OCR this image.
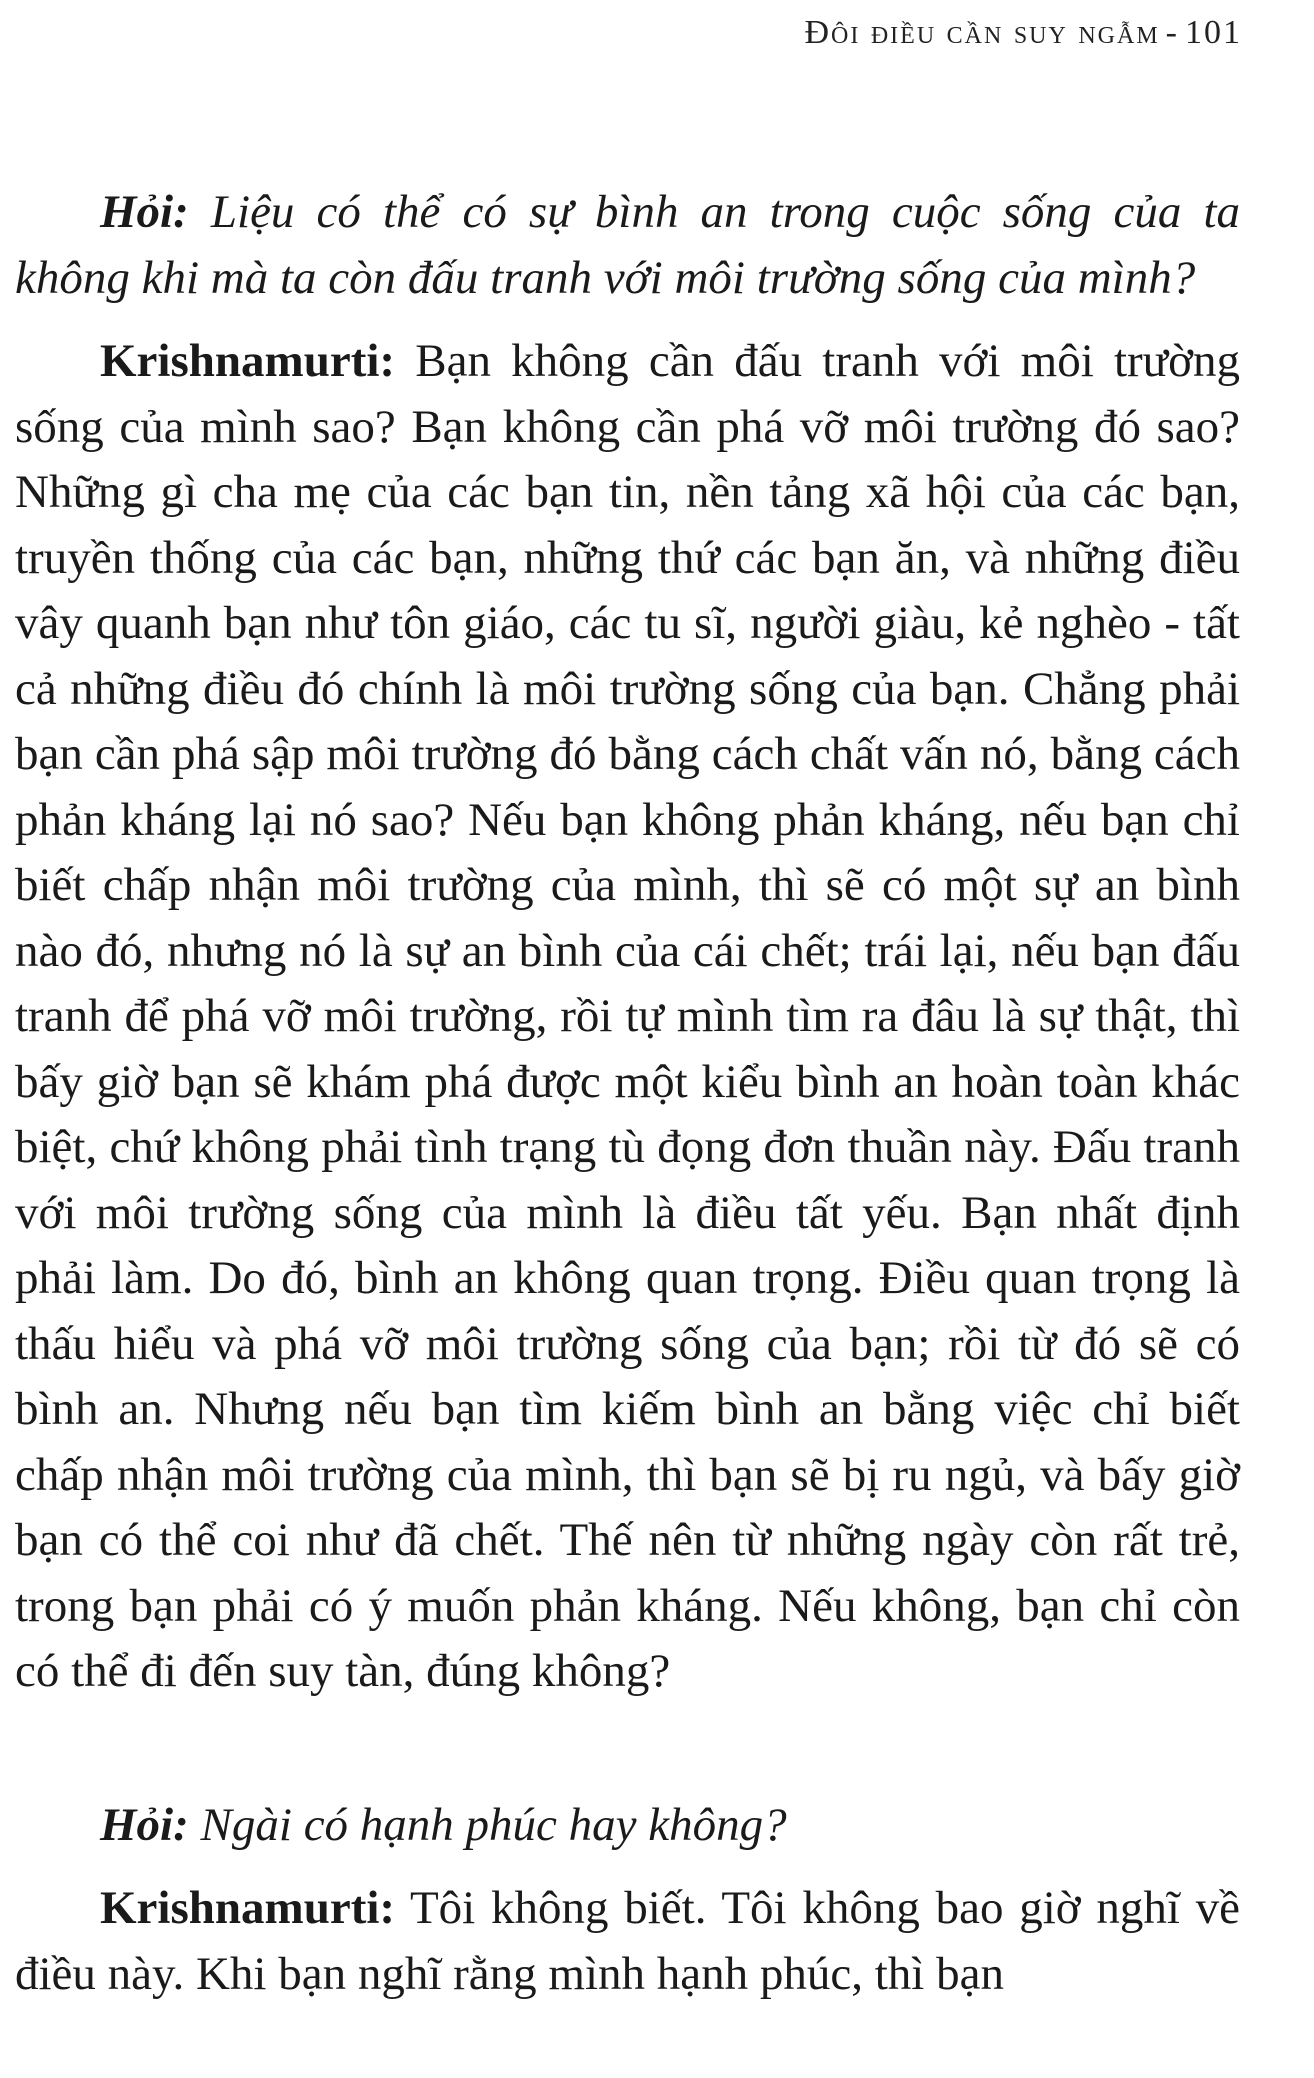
Đôi điều cần suy ngẫm - 101

Hỏi: Liệu có thể có sự bình an trong cuộc sống của ta không khi mà ta còn đấu tranh với môi trường sống của mình?

Krishnamurti: Bạn không cần đấu tranh với môi trường sống của mình sao? Bạn không cần phá vỡ môi trường đó sao? Những gì cha mẹ của các bạn tin, nền tảng xã hội của các bạn, truyền thống của các bạn, những thứ các bạn ăn, và những điều vây quanh bạn như tôn giáo, các tu sĩ, người giàu, kẻ nghèo - tất cả những điều đó chính là môi trường sống của bạn. Chẳng phải bạn cần phá sập môi trường đó bằng cách chất vấn nó, bằng cách phản kháng lại nó sao? Nếu bạn không phản kháng, nếu bạn chỉ biết chấp nhận môi trường của mình, thì sẽ có một sự an bình nào đó, nhưng nó là sự an bình của cái chết; trái lại, nếu bạn đấu tranh để phá vỡ môi trường, rồi tự mình tìm ra đâu là sự thật, thì bấy giờ bạn sẽ khám phá được một kiểu bình an hoàn toàn khác biệt, chứ không phải tình trạng tù đọng đơn thuần này. Đấu tranh với môi trường sống của mình là điều tất yếu. Bạn nhất định phải làm. Do đó, bình an không quan trọng. Điều quan trọng là thấu hiểu và phá vỡ môi trường sống của bạn; rồi từ đó sẽ có bình an. Nhưng nếu bạn tìm kiếm bình an bằng việc chỉ biết chấp nhận môi trường của mình, thì bạn sẽ bị ru ngủ, và bấy giờ bạn có thể coi như đã chết. Thế nên từ những ngày còn rất trẻ, trong bạn phải có ý muốn phản kháng. Nếu không, bạn chỉ còn có thể đi đến suy tàn, đúng không?

Hỏi: Ngài có hạnh phúc hay không?

Krishnamurti: Tôi không biết. Tôi không bao giờ nghĩ về điều này. Khi bạn nghĩ rằng mình hạnh phúc, thì bạn
